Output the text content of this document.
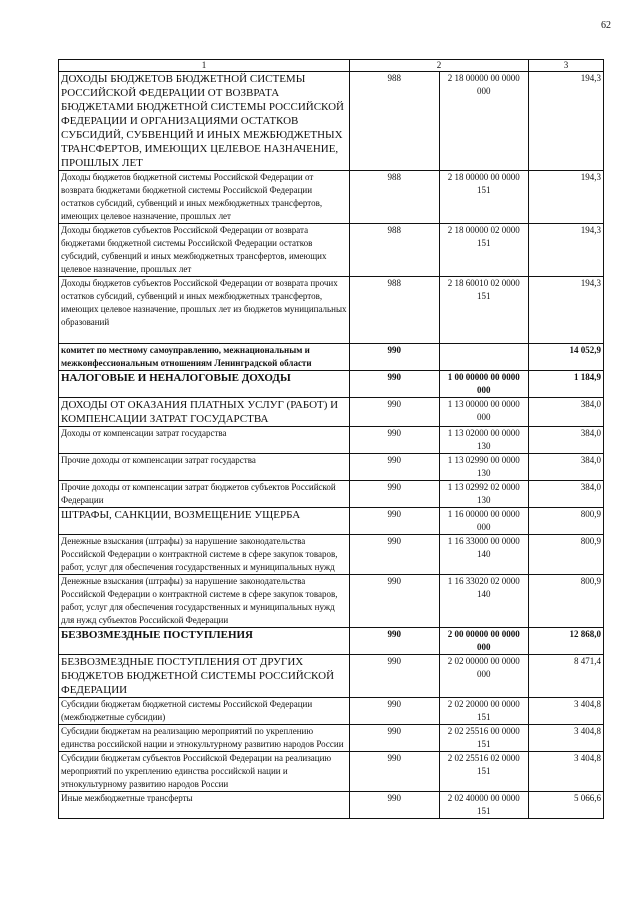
62
1	2		3
ДОХОДЫ БЮДЖЕТОВ БЮДЖЕТНОЙ СИСТЕМЫ РОССИЙСКОЙ ФЕДЕРАЦИИ ОТ ВОЗВРАТА БЮДЖЕТАМИ БЮДЖЕТНОЙ СИСТЕМЫ РОССИЙСКОЙ ФЕДЕРАЦИИ И ОРГАНИЗАЦИЯМИ ОСТАТКОВ СУБСИДИЙ, СУБВЕНЦИЙ И ИНЫХ МЕЖБЮДЖЕТНЫХ ТРАНСФЕРТОВ, ИМЕЮЩИХ ЦЕЛЕВОЕ НАЗНАЧЕНИЕ, ПРОШЛЫХ ЛЕТ	988	2 18 00000 00 0000 000	194,3
Доходы бюджетов бюджетной системы Российской Федерации от возврата бюджетами бюджетной системы Российской Федерации остатков субсидий, субвенций и иных межбюджетных трансфертов, имеющих целевое назначение, прошлых лет	988	2 18 00000 00 0000 151	194,3
Доходы бюджетов субъектов Российской Федерации от возврата бюджетами бюджетной системы Российской Федерации остатков субсидий, субвенций и иных межбюджетных трансфертов, имеющих целевое назначение, прошлых лет	988	2 18 00000 02 0000 151	194,3
Доходы бюджетов субъектов Российской Федерации от возврата прочих остатков субсидий, субвенций и иных межбюджетных трансфертов, имеющих целевое назначение, прошлых лет из бюджетов муниципальных образований	988	2 18 60010 02 0000 151	194,3
комитет по местному самоуправлению, межнациональным и межконфессиональным отношениям Ленинградской области	990		14 052,9
НАЛОГОВЫЕ И НЕНАЛОГОВЫЕ ДОХОДЫ	990	1 00 00000 00 0000 000	1 184,9
ДОХОДЫ ОТ ОКАЗАНИЯ ПЛАТНЫХ УСЛУГ (РАБОТ) И КОМПЕНСАЦИИ ЗАТРАТ ГОСУДАРСТВА	990	1 13 00000 00 0000 000	384,0
Доходы от компенсации затрат государства	990	1 13 02000 00 0000 130	384,0
Прочие доходы от компенсации затрат государства	990	1 13 02990 00 0000 130	384,0
Прочие доходы от компенсации затрат бюджетов субъектов Российской Федерации	990	1 13 02992 02 0000 130	384,0
ШТРАФЫ, САНКЦИИ, ВОЗМЕЩЕНИЕ УЩЕРБА	990	1 16 00000 00 0000 000	800,9
Денежные взыскания (штрафы) за нарушение законодательства Российской Федерации о контрактной системе в сфере закупок товаров, работ, услуг для обеспечения государственных и муниципальных нужд	990	1 16 33000 00 0000 140	800,9
Денежные взыскания (штрафы) за нарушение законодательства Российской Федерации о контрактной системе в сфере закупок товаров, работ, услуг для обеспечения государственных и муниципальных нужд для нужд субъектов Российской Федерации	990	1 16 33020 02 0000 140	800,9
БЕЗВОЗМЕЗДНЫЕ ПОСТУПЛЕНИЯ	990	2 00 00000 00 0000 000	12 868,0
БЕЗВОЗМЕЗДНЫЕ ПОСТУПЛЕНИЯ ОТ ДРУГИХ БЮДЖЕТОВ БЮДЖЕТНОЙ СИСТЕМЫ РОССИЙСКОЙ ФЕДЕРАЦИИ	990	2 02 00000 00 0000 000	8 471,4
Субсидии бюджетам бюджетной системы Российской Федерации (межбюджетные субсидии)	990	2 02 20000 00 0000 151	3 404,8
Субсидии бюджетам на реализацию мероприятий по укреплению единства российской нации и этнокультурному развитию народов России	990	2 02 25516 00 0000 151	3 404,8
Субсидии бюджетам субъектов Российской Федерации на реализацию мероприятий по укреплению единства российской нации и этнокультурному развитию народов России	990	2 02 25516 02 0000 151	3 404,8
Иные межбюджетные трансферты	990	2 02 40000 00 0000 151	5 066,6
